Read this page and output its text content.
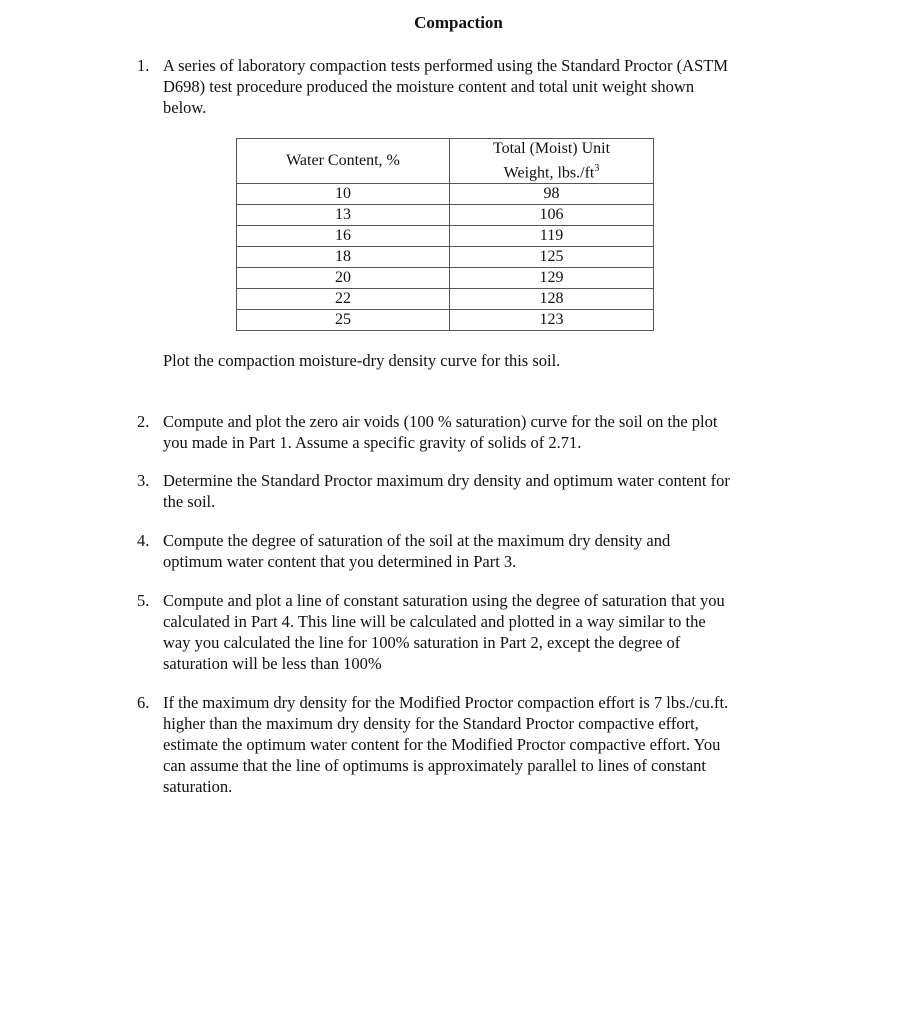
Compaction
1. A series of laboratory compaction tests performed using the Standard Proctor (ASTM
D698) test procedure produced the moisture content and total unit weight shown
below.
Water Content, %	Total (Moist) Unit
Weight, $lbs./ft^3$
10	98
13	106
16	119
18	125
20	129
22	128
25	123
Plot the compaction moisture-dry density curve for this soil.
2. Compute and plot the zero air voids (100 % saturation) curve for the soil on the plot
you made in Part 1. Assume a specific gravity of solids of 2.71.
3. Determine the Standard Proctor maximum dry density and optimum water content for
the soil.
4. Compute the degree of saturation of the soil at the maximum dry density and
optimum water content that you determined in Part 3.
5. Compute and plot a line of constant saturation using the degree of saturation that you
calculated in Part 4. This line will be calculated and plotted in a way similar to the
way you calculated the line for 100% saturation in Part 2, except the degree of
saturation will be less than 100%
6. If the maximum dry density for the Modified Proctor compaction effort is 7 lbs./cu.ft.
higher than the maximum dry density for the Standard Proctor compactive effort,
estimate the optimum water content for the Modified Proctor compactive effort. You
can assume that the line of optimums is approximately parallel to lines of constant
saturation.
